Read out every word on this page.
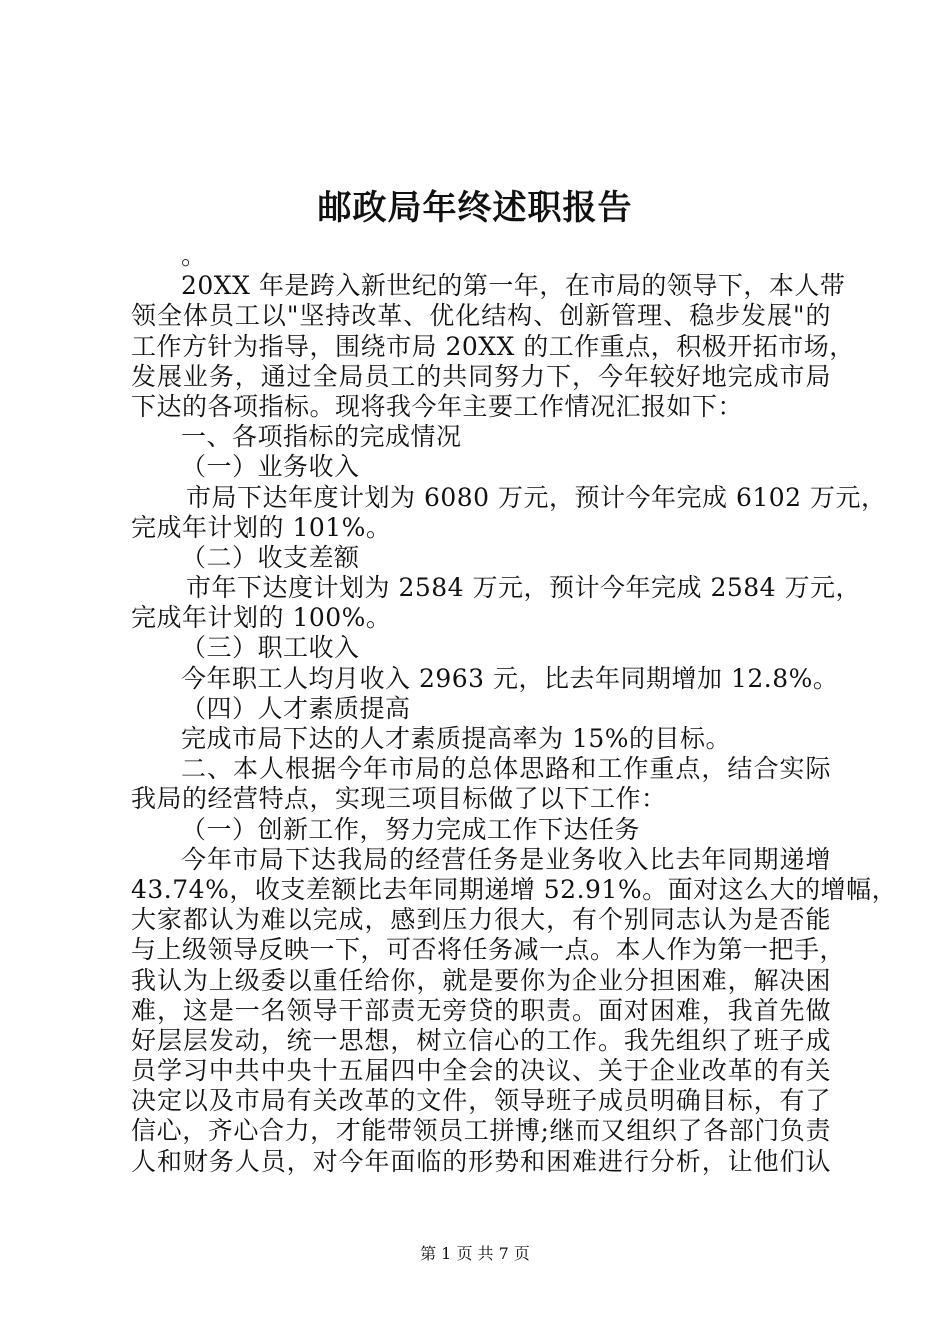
邮政局年终述职报告

。

20XX 年是跨入新世纪的第一年，在市局的领导下，本人带

领全体员工以"坚持改革、优化结构、创新管理、稳步发展"的

工作方针为指导，围绕市局 20XX 的工作重点，积极开拓市场，

发展业务，通过全局员工的共同努力下，今年较好地完成市局

下达的各项指标。现将我今年主要工作情况汇报如下：

一、各项指标的完成情况

（一）业务收入

市局下达年度计划为 6080 万元，预计今年完成 6102 万元，

完成年计划的 101%。

（二）收支差额

市年下达度计划为 2584 万元，预计今年完成 2584 万元，

完成年计划的 100%。

（三）职工收入

今年职工人均月收入 2963 元，比去年同期增加 12.8%。

（四）人才素质提高

完成市局下达的人才素质提高率为 15%的目标。

二、本人根据今年市局的总体思路和工作重点，结合实际

我局的经营特点，实现三项目标做了以下工作：

（一）创新工作，努力完成工作下达任务

今年市局下达我局的经营任务是业务收入比去年同期递增

43.74%，收支差额比去年同期递增 52.91%。面对这么大的增幅，

大家都认为难以完成，感到压力很大，有个别同志认为是否能

与上级领导反映一下，可否将任务减一点。本人作为第一把手，

我认为上级委以重任给你，就是要你为企业分担困难，解决困

难，这是一名领导干部责无旁贷的职责。面对困难，我首先做

好层层发动，统一思想，树立信心的工作。我先组织了班子成

员学习中共中央十五届四中全会的决议、关于企业改革的有关

决定以及市局有关改革的文件，领导班子成员明确目标，有了

信心，齐心合力，才能带领员工拼博;继而又组织了各部门负责

人和财务人员，对今年面临的形势和困难进行分析，让他们认

第 1 页 共 7 页
